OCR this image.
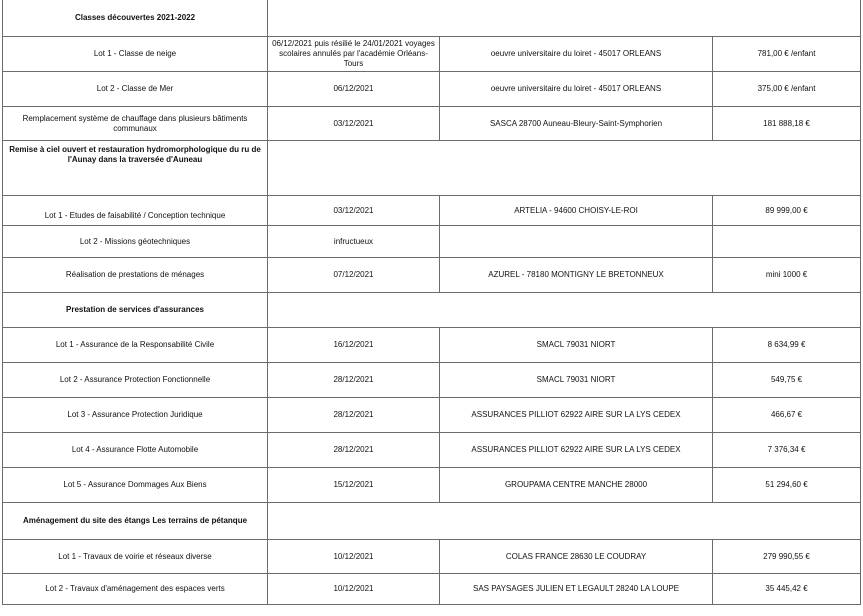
Classes découvertes 2021-2022			
Lot 1 - Classe de neige	06/12/2021 puis résilié le 24/01/2021 voyages scolaires annulés par l'académie Orléans-Tours	oeuvre universitaire du loiret - 45017 ORLEANS	781,00 € /enfant
Lot 2 - Classe de Mer	06/12/2021	oeuvre universitaire du loiret - 45017 ORLEANS	375,00 € /enfant
Remplacement système de chauffage dans plusieurs bâtiments communaux	03/12/2021	SASCA 28700 Auneau-Bleury-Saint-Symphorien	181 888,18 €
Remise à ciel ouvert et restauration hydromorphologique du ru de l'Aunay dans la traversée d'Auneau			
Lot 1 - Etudes de faisabilité / Conception technique	03/12/2021	ARTELIA - 94600 CHOISY-LE-ROI	89 999,00 €
Lot 2 - Missions géotechniques	infructueux		
Réalisation de prestations de ménages	07/12/2021	AZUREL - 78180 MONTIGNY LE BRETONNEUX	mini 1000 €
Prestation de services d'assurances			
Lot 1 - Assurance de la Responsabilité Civile	16/12/2021	SMACL 79031 NIORT	8 634,99 €
Lot 2 - Assurance Protection Fonctionnelle	28/12/2021	SMACL 79031 NIORT	549,75 €
Lot 3 - Assurance Protection Juridique	28/12/2021	ASSURANCES PILLIOT 62922 AIRE SUR LA LYS CEDEX	466,67 €
Lot 4 - Assurance Flotte Automobile	28/12/2021	ASSURANCES PILLIOT 62922 AIRE SUR LA LYS CEDEX	7 376,34 €
Lot 5 - Assurance Dommages Aux Biens	15/12/2021	GROUPAMA CENTRE MANCHE 28000	51 294,60 €
Aménagement du site des étangs Les terrains de pétanque			
Lot 1 - Travaux de voirie et réseaux diverse	10/12/2021	COLAS FRANCE 28630 LE COUDRAY	279 990,55 €
Lot 2 - Travaux d'aménagement des espaces verts	10/12/2021	SAS PAYSAGES JULIEN ET LEGAULT 28240 LA LOUPE	35 445,42 €
